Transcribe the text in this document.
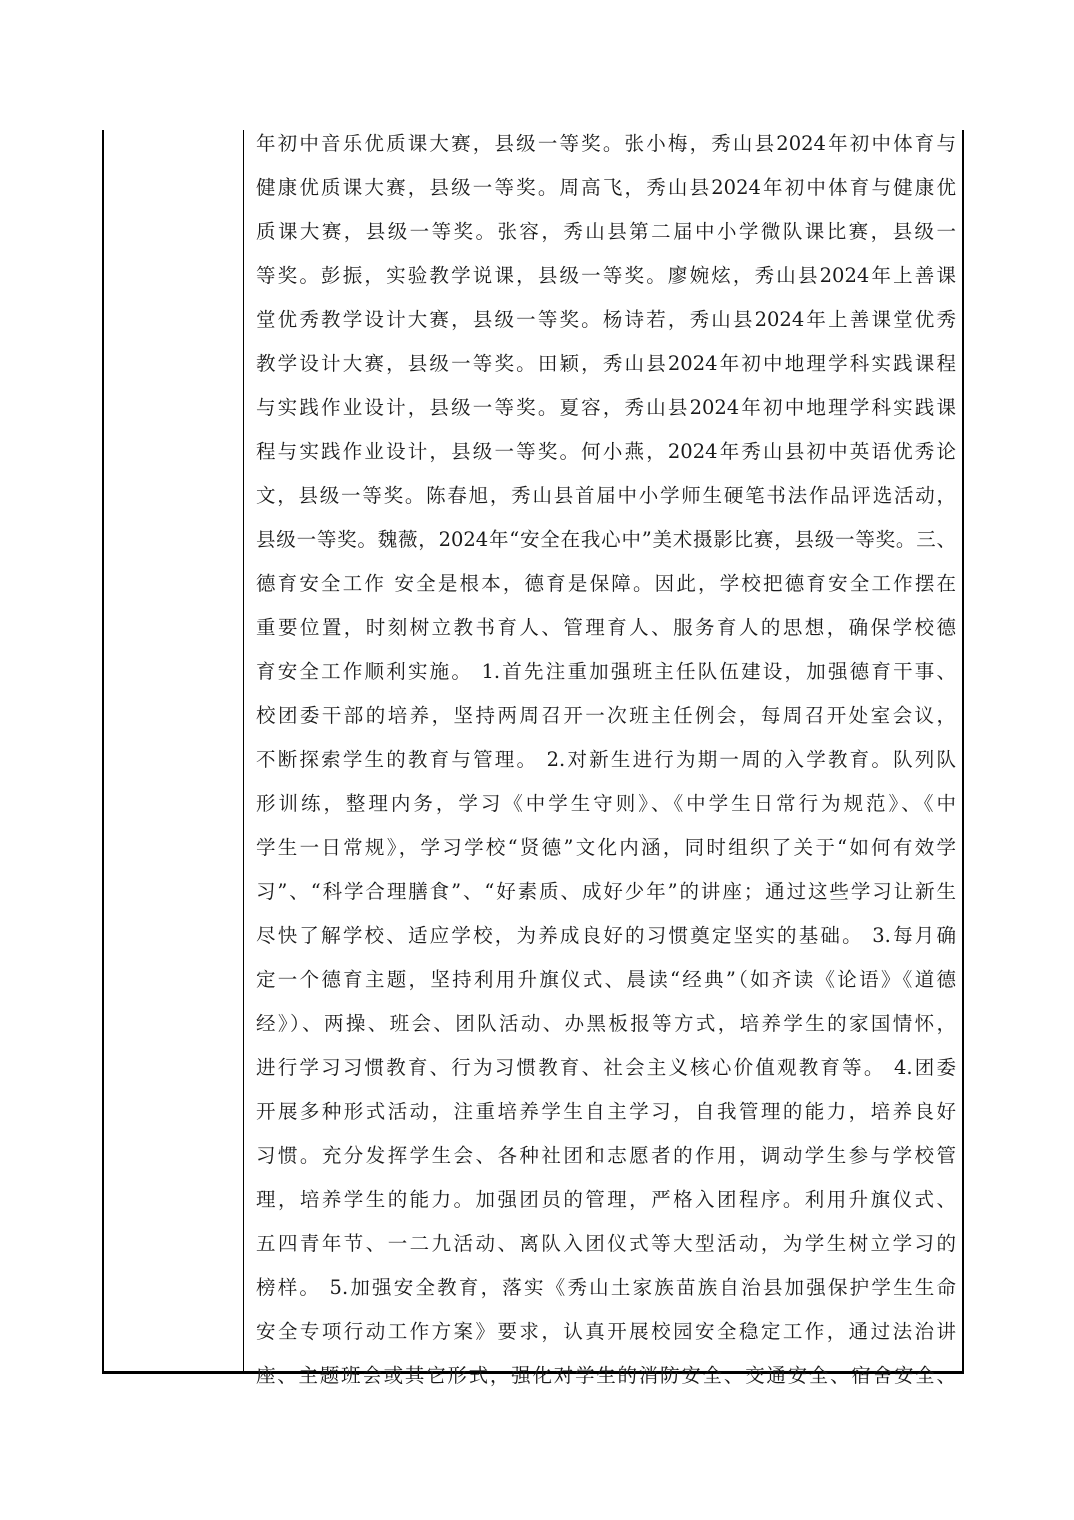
年初中音乐优质课大赛，县级一等奖。张小梅，秀山县2024年初中体育与
健康优质课大赛，县级一等奖。周高飞，秀山县2024年初中体育与健康优
质课大赛，县级一等奖。张容，秀山县第二届中小学微队课比赛，县级一
等奖。彭振，实验教学说课，县级一等奖。廖婉炫，秀山县2024年上善课
堂优秀教学设计大赛，县级一等奖。杨诗若，秀山县2024年上善课堂优秀
教学设计大赛，县级一等奖。田颖，秀山县2024年初中地理学科实践课程
与实践作业设计，县级一等奖。夏容，秀山县2024年初中地理学科实践课
程与实践作业设计，县级一等奖。何小燕，2024年秀山县初中英语优秀论
文，县级一等奖。陈春旭，秀山县首届中小学师生硬笔书法作品评选活动，
县级一等奖。魏薇，2024年“安全在我心中”美术摄影比赛，县级一等奖。三、
德育安全工作 安全是根本，德育是保障。因此，学校把德育安全工作摆在
重要位置，时刻树立教书育人、管理育人、服务育人的思想，确保学校德
育安全工作顺利实施。 1.首先注重加强班主任队伍建设，加强德育干事、
校团委干部的培养，坚持两周召开一次班主任例会，每周召开处室会议，
不断探索学生的教育与管理。 2.对新生进行为期一周的入学教育。队列队
形训练，整理内务，学习《中学生守则》、《中学生日常行为规范》、《中
学生一日常规》，学习学校“贤德”文化内涵，同时组织了关于“如何有效学
习”、“科学合理膳食”、“好素质、成好少年”的讲座；通过这些学习让新生
尽快了解学校、适应学校，为养成良好的习惯奠定坚实的基础。 3.每月确
定一个德育主题，坚持利用升旗仪式、晨读“经典”（如齐读《论语》《道德
经》）、两操、班会、团队活动、办黑板报等方式，培养学生的家国情怀，
进行学习习惯教育、行为习惯教育、社会主义核心价值观教育等。 4.团委
开展多种形式活动，注重培养学生自主学习，自我管理的能力，培养良好
习惯。充分发挥学生会、各种社团和志愿者的作用，调动学生参与学校管
理，培养学生的能力。加强团员的管理，严格入团程序。利用升旗仪式、
五四青年节、一二九活动、离队入团仪式等大型活动，为学生树立学习的
榜样。 5.加强安全教育，落实《秀山土家族苗族自治县加强保护学生生命
安全专项行动工作方案》要求，认真开展校园安全稳定工作，通过法治讲
座、主题班会或其它形式，强化对学生的消防安全、交通安全、宿舍安全、
